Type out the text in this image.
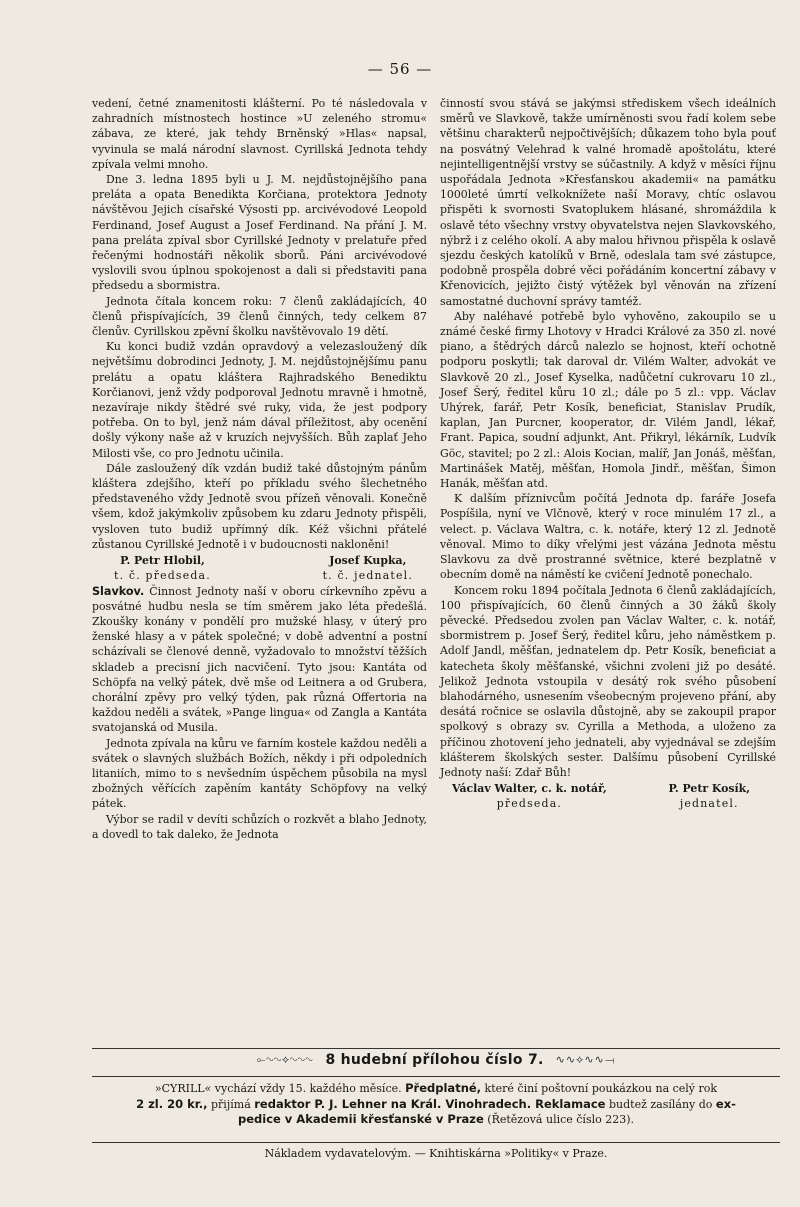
— 56 —

vedení, četné znamenitosti klášterní. Po té následovala v zahradních místnostech hostince »U zeleného stromu« zábava, ze které, jak tehdy Brněnský »Hlas« napsal, vyvinula se malá národní slavnost. Cyrillská Jednota tehdy zpívala velmi mnoho.

Dne 3. ledna 1895 byli u J. M. nejdůstojnějšího pana preláta a opata Benedikta Korčiana, protektora Jednoty návštěvou Jejich císařské Výsosti pp. arcivévodové Leopold Ferdinand, Josef August a Josef Ferdinand. Na přání J. M. pana preláta zpíval sbor Cyrillské Jednoty v prelatuře před řečenými hodnostáři několik sborů. Páni arcivévodové vyslovili svou úplnou spokojenost a dali si představiti pana předsedu a sbormistra.

Jednota čítala koncem roku: 7 členů zakládajících, 40 členů přispívajících, 39 členů činných, tedy celkem 87 členův. Cyrillskou zpěvní školku navštěvovalo 19 dětí.

Ku konci budiž vzdán opravdový a velezasloužený dík největšímu dobrodinci Jednoty, J. M. nejdůstojnějšímu panu prelátu a opatu kláštera Rajhradského Benediktu Korčianovi, jenž vždy podporoval Jednotu mravně i hmotně, nezavíraje nikdy štědré své ruky, vida, že jest podpory potřeba. On to byl, jenž nám dával příležitost, aby ocenění došly výkony naše až v kruzích nejvyšších. Bůh zaplať Jeho Milosti vše, co pro Jednotu učinila.

Dále zasloužený dík vzdán budiž také důstojným pánům kláštera zdejšího, kteří po příkladu svého šlechetného představeného vždy Jednotě svou přízeň věnovali. Konečně všem, kdož jakýmkoliv způsobem ku zdaru Jednoty přispěli, vysloven tuto budiž upřímný dík. Kéž všichni přátelé zůstanou Cyrillské Jednotě i v budoucnosti nakloněni!

P. Petr Hlobil,
t. č. předseda.
Josef Kupka,
t. č. jednatel.

Slavkov. Činnost Jednoty naší v oboru církevního zpěvu a posvátné hudbu nesla se tím směrem jako léta předešlá. Zkoušky konány v pondělí pro mužské hlasy, v úterý pro ženské hlasy a v pátek společné; v době adventní a postní scházívali se členové denně, vyžadovalo to množství těžších skladeb a precisní jich nacvičení. Tyto jsou: Kantáta od Schöpfa na velký pátek, dvě mše od Leitnera a od Grubera, chorální zpěvy pro velký týden, pak různá Offertoria na každou neděli a svátek, »Pange lingua« od Zangla a Kantáta svatojanská od Musila.

Jednota zpívala na kůru ve farním kostele každou neděli a svátek o slavných službách Božích, někdy i při odpoledních litaniích, mimo to s nevšedním úspěchem působila na mysl zbožných věřících zapěním kantáty Schöpfovy na velký pátek.

Výbor se radil v devíti schůzích o rozkvět a blaho Jednoty, a dovedl to tak daleko, že Jednota

činností svou stává se jakýmsi střediskem všech ideálních směrů ve Slavkově, takže umírněnosti svou řadí kolem sebe většinu charakterů nejpočtivějších; důkazem toho byla pouť na posvátný Velehrad k valné hromadě apoštolátu, které nejintelligentnější vrstvy se súčastnily. A když v měsíci říjnu uspořádala Jednota »Křesťanskou akademii« na památku 1000leté úmrtí velkoknížete naší Moravy, chtíc oslavou přispěti k svornosti Svatoplukem hlásané, shromáždila k oslavě této všechny vrstvy obyvatelstva nejen Slavkovského, nýbrž i z celého okolí. A aby malou hřivnou přispěla k oslavě sjezdu českých katolíků v Brně, odeslala tam své zástupce, podobně prospěla dobré věci pořádáním koncertní zábavy v Křenovicích, jejižto čistý výtěžek byl věnován na zřízení samostatné duchovní správy tamtéž.

Aby naléhavé potřebě bylo vyhověno, zakoupilo se u známé české firmy Lhotovy v Hradci Králové za 350 zl. nové piano, a štědrých dárců nalezlo se hojnost, kteří ochotně podporu poskytli; tak daroval dr. Vilém Walter, advokát ve Slavkově 20 zl., Josef Kyselka, nadůčetní cukrovaru 10 zl., Josef Šerý, ředitel kůru 10 zl.; dále po 5 zl.: vpp. Václav Uhýrek, farář, Petr Kosík, beneficiat, Stanislav Prudík, kaplan, Jan Purcner, kooperator, dr. Vilém Jandl, lékař, Frant. Papica, soudní adjunkt, Ant. Přikryl, lékárník, Ludvík Göc, stavitel; po 2 zl.: Alois Kocian, malíř, Jan Jonáš, měšťan, Martinášek Matěj, měšťan, Homola Jindř., měšťan, Šimon Hanák, měšťan atd.

K dalším příznivcům počítá Jednota dp. faráře Josefa Pospíšila, nyní ve Vlčnově, který v roce minulém 17 zl., a velect. p. Václava Waltra, c. k. notáře, který 12 zl. Jednotě věnoval. Mimo to díky vřelými jest vázána Jednota městu Slavkovu za dvě prostranné světnice, které bezplatně v obecním domě na náměstí ke cvičení Jednotě ponechalo.

Koncem roku 1894 počítala Jednota 6 členů zakládajících, 100 přispívajících, 60 členů činných a 30 žáků školy pěvecké. Předsedou zvolen pan Václav Walter, c. k. notář, sbormistrem p. Josef Šerý, ředitel kůru, jeho náměstkem p. Adolf Jandl, měšťan, jednatelem dp. Petr Kosík, beneficiat a katecheta školy měšťanské, všichni zvoleni již po desáté. Jelikož Jednota vstoupila v desátý rok svého působení blahodárného, usnesením všeobecným projeveno přání, aby desátá ročnice se oslavila důstojně, aby se zakoupil prapor spolkový s obrazy sv. Cyrilla a Methoda, a uloženo za příčinou zhotovení jeho jednateli, aby vyjednával se zdejším klášterem školských sester. Dalšímu působení Cyrillské Jednoty naší: Zdař Bůh!

Václav Walter, c. k. notář,
předseda.
P. Petr Kosík,
jednatel.
⟜∿∿⟡∿∿∿ 8 hudební přílohou číslo 7. ∿∿⟡∿∿⟞
»CYRILL« vychází vždy 15. každého měsíce. Předplatné, které činí poštovní poukázkou na celý rok
2 zl. 20 kr., přijímá redaktor P. J. Lehner na Král. Vinohradech. Reklamace budtež zasílány do ex-
pedice v Akademii křesťanské v Praze (Řetězová ulice číslo 223).
Nákladem vydavatelovým. — Knihtiskárna »Politiky« v Praze.
